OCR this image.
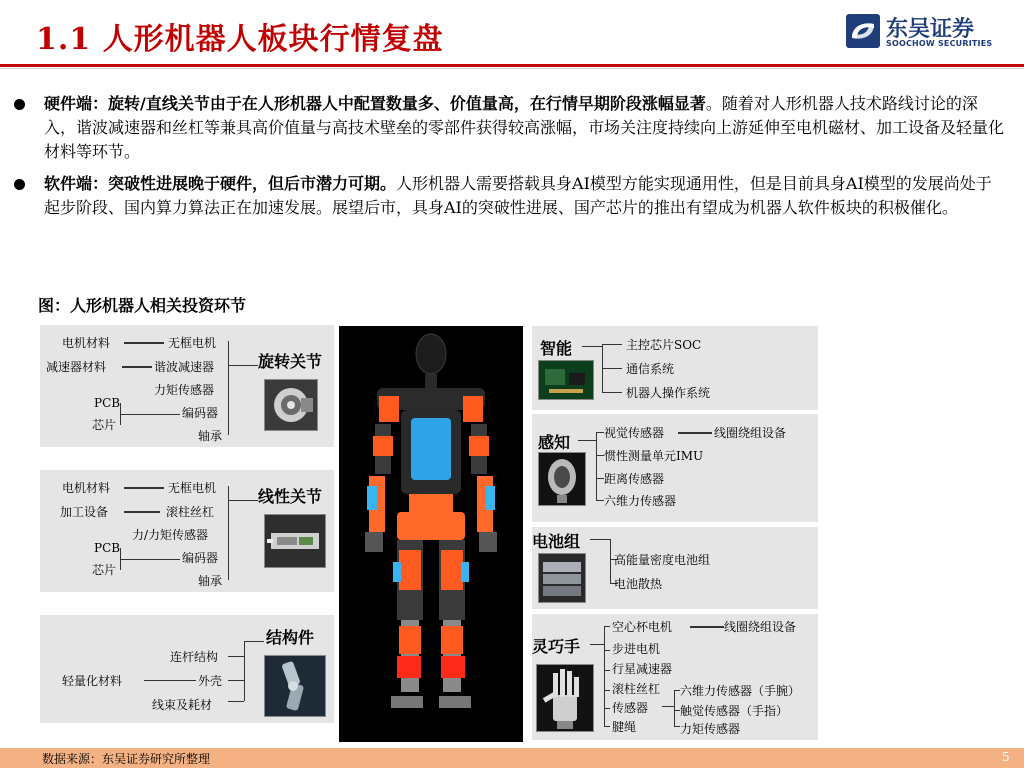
1.1 人形机器人板块行情复盘	东吴证券
SOOCHOW SECURITIES
硬件端：旋转/直线关节由于在人形机器人中配置数量多、价值量高，在行情早期阶段涨幅显著。随着对人形机器人技术路线讨论的深入，谐波减速器和丝杠等兼具高价值量与高技术壁垒的零部件获得较高涨幅，市场关注度持续向上游延伸至电机磁材、加工设备及轻量化材料等环节。
软件端：突破性进展晚于硬件，但后市潜力可期。人形机器人需要搭载具身AI模型方能实现通用性，但是目前具身AI模型的发展尚处于起步阶段、国内算力算法正在加速发展。展望后市，具身AI的突破性进展、国产芯片的推出有望成为机器人软件板块的积极催化。
图：人形机器人相关投资环节
电机材料	无框电机
减速器材料	谐波减速器
力矩传感器
PCB
芯片
编码器
轴承
旋转关节
电机材料	无框电机
加工设备	滚柱丝杠
力/力矩传感器
PCB
芯片
编码器
轴承
线性关节
结构件
连杆结构
轻量化材料	外壳
线束及耗材
智能	主控芯片SOC
通信系统
机器人操作系统
感知	视觉传感器	线圈绕组设备
惯性测量单元IMU
距离传感器
六维力传感器
电池组
高能量密度电池组
电池散热
灵巧手
空心杯电机	线圈绕组设备
步进电机
行星减速器
滚柱丝杠
传感器
腱绳
六维力传感器（手腕）
触觉传感器（手指）
力矩传感器
数据来源：东吴证券研究所整理	5
